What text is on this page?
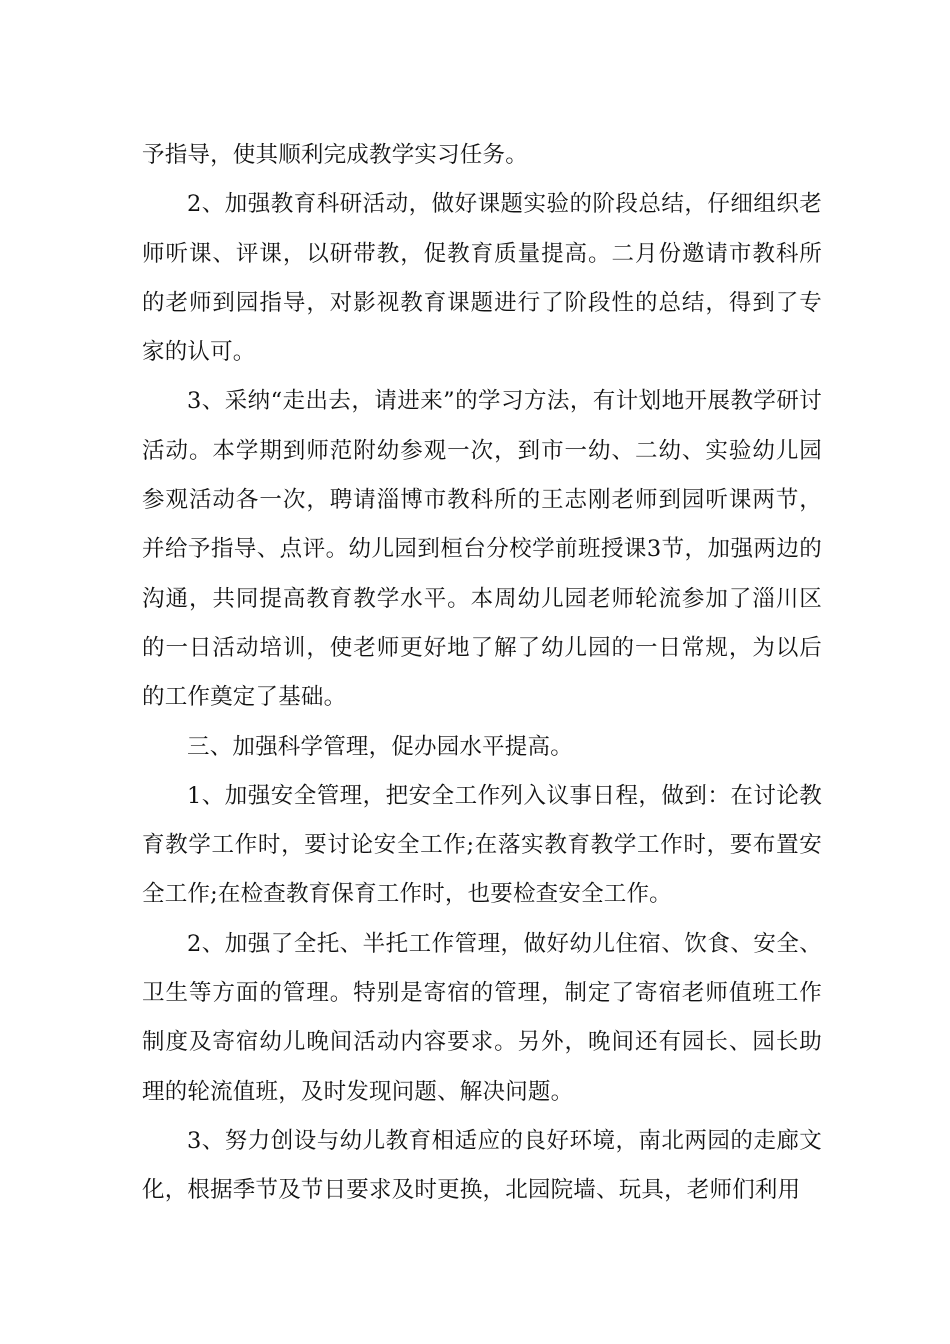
予指导，使其顺利完成教学实习任务。

2、加强教育科研活动，做好课题实验的阶段总结，仔细组织老师听课、评课，以研带教，促教育质量提高。二月份邀请市教科所的老师到园指导，对影视教育课题进行了阶段性的总结，得到了专家的认可。

3、采纳“走出去，请进来”的学习方法，有计划地开展教学研讨活动。本学期到师范附幼参观一次，到市一幼、二幼、实验幼儿园参观活动各一次，聘请淄博市教科所的王志刚老师到园听课两节，并给予指导、点评。幼儿园到桓台分校学前班授课3节，加强两边的沟通，共同提高教育教学水平。本周幼儿园老师轮流参加了淄川区的一日活动培训，使老师更好地了解了幼儿园的一日常规，为以后的工作奠定了基础。

三、加强科学管理，促办园水平提高。

1、加强安全管理，把安全工作列入议事日程，做到：在讨论教育教学工作时，要讨论安全工作;在落实教育教学工作时，要布置安全工作;在检查教育保育工作时，也要检查安全工作。

2、加强了全托、半托工作管理，做好幼儿住宿、饮食、安全、卫生等方面的管理。特别是寄宿的管理，制定了寄宿老师值班工作制度及寄宿幼儿晚间活动内容要求。另外，晚间还有园长、园长助理的轮流值班，及时发现问题、解决问题。

3、努力创设与幼儿教育相适应的良好环境，南北两园的走廊文化，根据季节及节日要求及时更换，北园院墙、玩具，老师们利用
